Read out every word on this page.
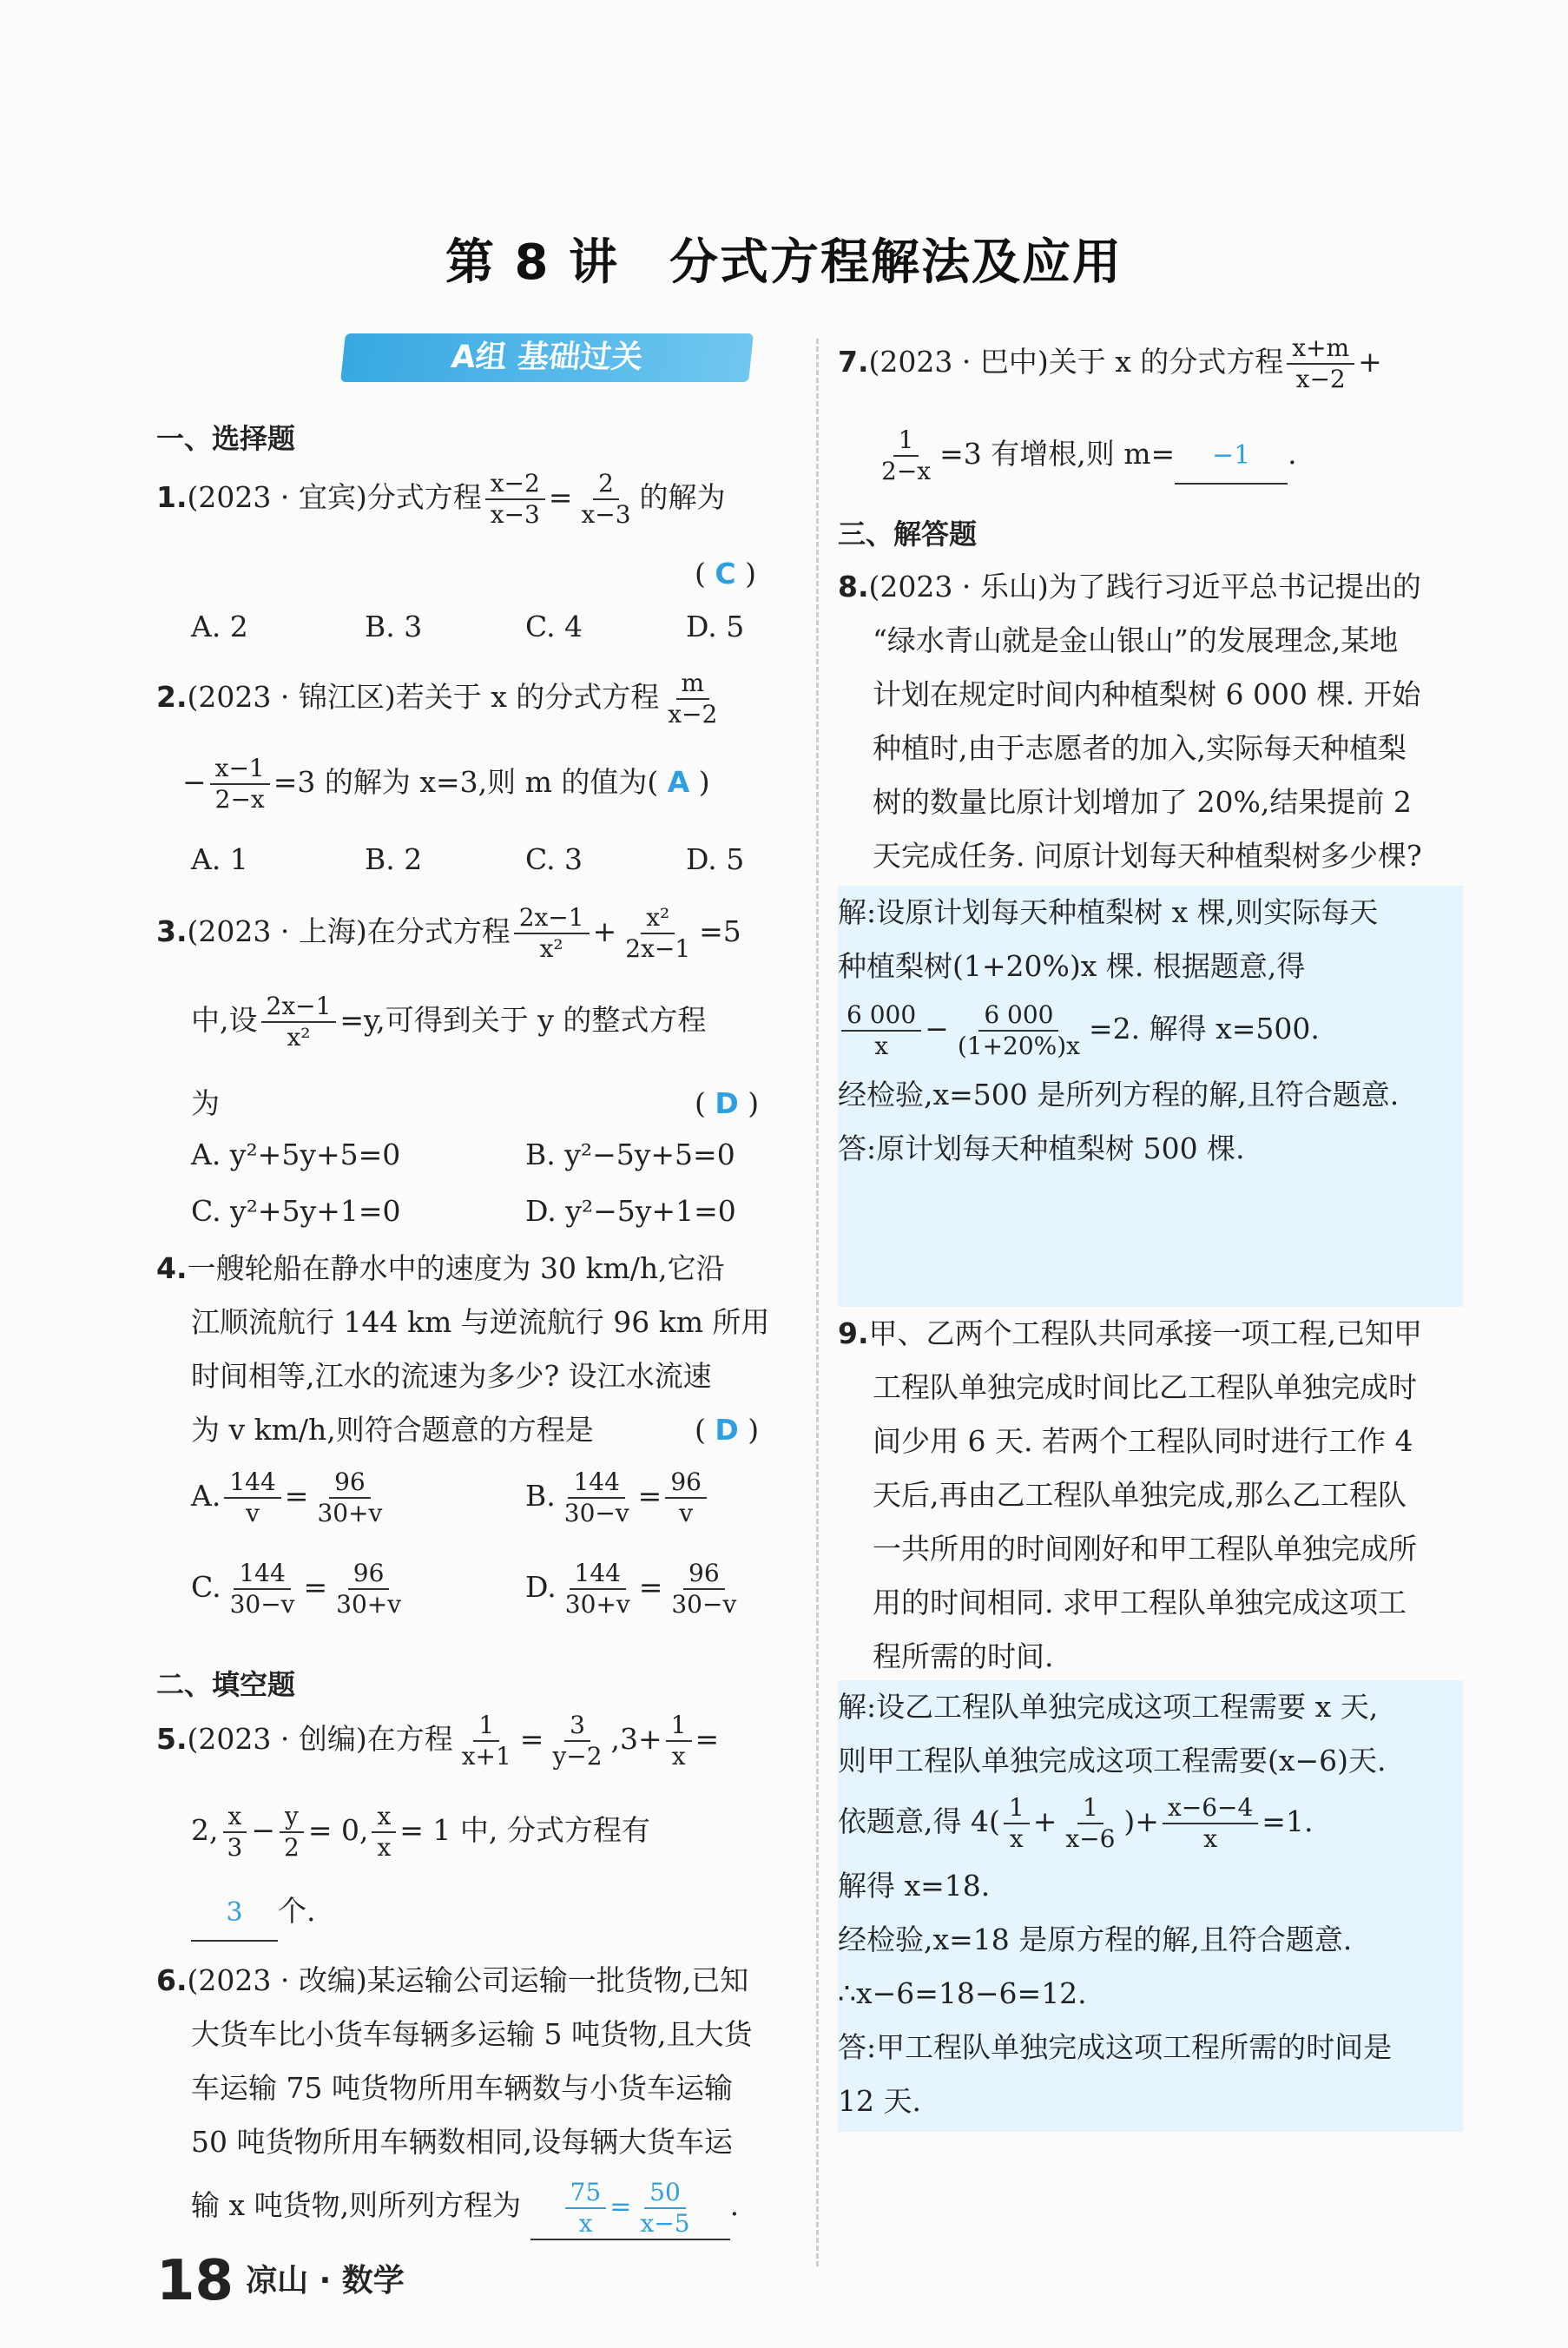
第 8 讲　分式方程解法及应用
A组 基础过关
一、选择题
1.(2023 · 宜宾)分式方程 $\frac{x-2}{x-3} = \frac{2}{x-3}$ 的解为
( C )
A. 2	B. 3	C. 4	D. 5
2.(2023 · 锦江区)若关于 x 的分式方程 $\frac{m}{x-2}$
− $\frac{x-1}{2-x} =3$ 的解为 x=3,则 m 的值为( A )
A. 1	B. 2	C. 3	D. 5
3.(2023 · 上海)在分式方程 $\frac{2x-1}{\text{x²}} + \frac{\text{x²}}{2x-1} =5$
中,设 $\frac{2x-1}{\text{x²}} =y$,可得到关于 y 的整式方程
为	( D )
A. y²+5y+5=0	B. y²−5y+5=0
C. y²+5y+1=0	D. y²−5y+1=0
4.一艘轮船在静水中的速度为 30 km/h,它沿
江顺流航行 144 km 与逆流航行 96 km 所用
时间相等,江水的流速为多少? 设江水流速
为 v km/h,则符合题意的方程是	( D )
A. $\frac{144}{v} = \frac{96}{30+v}$	B. $\frac{144}{30-v} = \frac{96}{v}$
C. $\frac{144}{30-v} = \frac{96}{30+v}$	D. $\frac{144}{30+v} = \frac{96}{30-v}$
二、填空题
5.(2023 · 创编)在方程 $\frac{1}{x+1} = \frac{3}{y-2} ,3+ \frac{1}{x}$ =
2, $\frac{x}{3} - \frac{y}{2} = 0$, $\frac{x}{x} = 1$ 中, 分式方程有
3 个.
6.(2023 · 改编)某运输公司运输一批货物,已知
大货车比小货车每辆多运输 5 吨货物,且大货
车运输 75 吨货物所用车辆数与小货车运输
50 吨货物所用车辆数相同,设每辆大货车运
输 x 吨货物,则所列方程为 $\frac{75}{x} = \frac{50}{x-5}$ .
7.(2023 · 巴中)关于 x 的分式方程 $\frac{x+m}{x-2}$ +
$\frac{1}{2-x} =3$ 有增根,则 m= −1 .
三、解答题
8.(2023 · 乐山)为了践行习近平总书记提出的
“绿水青山就是金山银山”的发展理念,某地
计划在规定时间内种植梨树 6 000 棵. 开始
种植时,由于志愿者的加入,实际每天种植梨
树的数量比原计划增加了 20%,结果提前 2
天完成任务. 问原计划每天种植梨树多少棵?
解:设原计划每天种植梨树 x 棵,则实际每天
种植梨树(1+20%)x 棵. 根据题意,得
$\frac{6 000}{x} - \frac{6 000}{(1+20\%)x} =2$. 解得 x=500.
经检验,x=500 是所列方程的解,且符合题意.
答:原计划每天种植梨树 500 棵.
9.甲、乙两个工程队共同承接一项工程,已知甲
工程队单独完成时间比乙工程队单独完成时
间少用 6 天. 若两个工程队同时进行工作 4
天后,再由乙工程队单独完成,那么乙工程队
一共所用的时间刚好和甲工程队单独完成所
用的时间相同. 求甲工程队单独完成这项工
程所需的时间.
解:设乙工程队单独完成这项工程需要 x 天,
则甲工程队单独完成这项工程需要(x−6)天.
依题意,得 $4( \frac{1}{x} + \frac{1}{x-6}$ )+ $\frac{x-6-4}{x} =1$.
解得 x=18.
经检验,x=18 是原方程的解,且符合题意.
∴x−6=18−6=12.
答:甲工程队单独完成这项工程所需的时间是
12 天.
18 凉山 · 数学
